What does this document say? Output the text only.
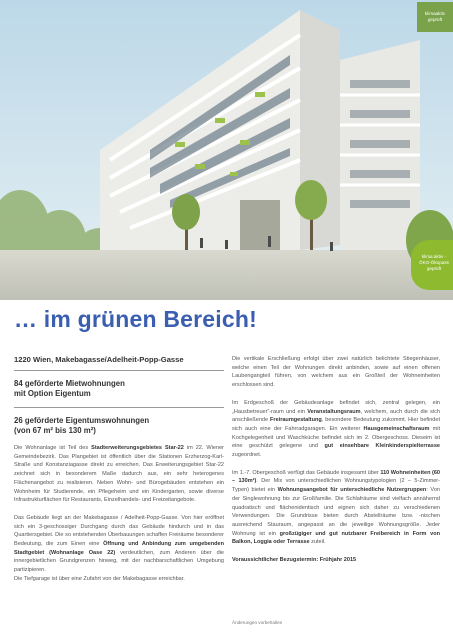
klimaaktiv
geprüft
klima:aktiv -
ÖKO-Ökopass
geprüft
… im grünen Bereich!
1220 Wien, Makebagasse/Adelheit-Popp-Gasse
84 geförderte Mietwohnungen
mit Option Eigentum
26 geförderte Eigentumswohnungen
(von 67 m² bis 130 m²)

Die Wohnanlage ist Teil des Stadterweiterungsgebietes Star-22 im 22. Wiener Gemeindebezirk. Das Plangebiet ist öffentlich über die Stationen Erzherzog-Karl-Straße und Konstanziagasse direkt zu erreichen. Das Erweiterungsgebiet Star-22 zeichnet sich in besonderem Maße dadurch aus, ein sehr heterogenes Flächenangebot zu realisieren. Neben Wohn- und Bürogebäuden entstehen ein Wohnheim für Studierende, ein Pflegeheim und ein Kindergarten, sowie diverse Infrastrukturflächen für Restaurants, Einzelhandels- und Freizeitangebote.

Das Gebäude liegt an der Makebagasse / Adelheit-Popp-Gasse. Von hier eröffnet sich ein 3-geschossiger Durchgang durch das Gebäude hindurch und in das Quartiersgebiet. Die so entstehenden Überbauungen schaffen Freiräume besonderer Bedeutung, die zum Einen eine Öffnung und Anbindung zum umgebenden Stadtgebiet (Wohnanlage Oase 22) verdeutlichen, zum Anderen über die innergebietlichen Grundgrenzen hinweg, mit der nachbarschaftlichen Umgebung partizipieren.
Die Tiefgarage ist über eine Zufahrt von der Makebagasse erreichbar.

Die vertikale Erschließung erfolgt über zwei natürlich belichtete Stiegenhäuser, welche einen Teil der Wohnungen direkt anbinden, sowie auf einen offenen Laubengangteil führen, von welchem aus ein Großteil der Wohneinheiten erschlossen sind.

Im Erdgeschoß der Gebäudeanlage befindet sich, zentral gelegen, ein „Hausbetreuer“-raum und ein Veranstaltungsraum, welchem, auch durch die sich anschließende Freiraumgestaltung, besondere Bedeutung zukommt. Hier befindet sich auch eine der Fahrradgaragen. Ein weiterer Hausgemeinschaftsraum mit Kochgelegenheit und Waschküche befindet sich im 2. Obergeschoss. Dieseim ist eine geschützt gelegene und gut einsehbare Kleinkinderspielterrasse zugeordnet.

Im 1.-7. Obergeschoß verfügt das Gebäude insgesamt über 110 Wohneinheiten (60 – 130m²). Der Mix von unterschiedlichen Wohnungstypologien (2 – 5-Zimmer-Typen) bietet ein Wohnungsangebot für unterschiedliche Nutzergruppen: Von der Singlewohnung bis zur Großfamilie. Die Schlafräume sind vielfach annähernd quadratisch und flächenidentisch und eignen sich daher zu verschiedenen Verwendungen. Die Grundrisse bieten durch Abstellräume bzw. -nischen ausreichend Stauraum, angepasst an die jeweilige Wohnungsgröße. Jeder Wohnung ist ein großzügiger und gut nutzbarer Freibereich in Form von Balkon, Loggia oder Terrasse zuteil.

Voraussichtlicher Bezugstermin: Frühjahr 2015

Änderungen vorbehalten
